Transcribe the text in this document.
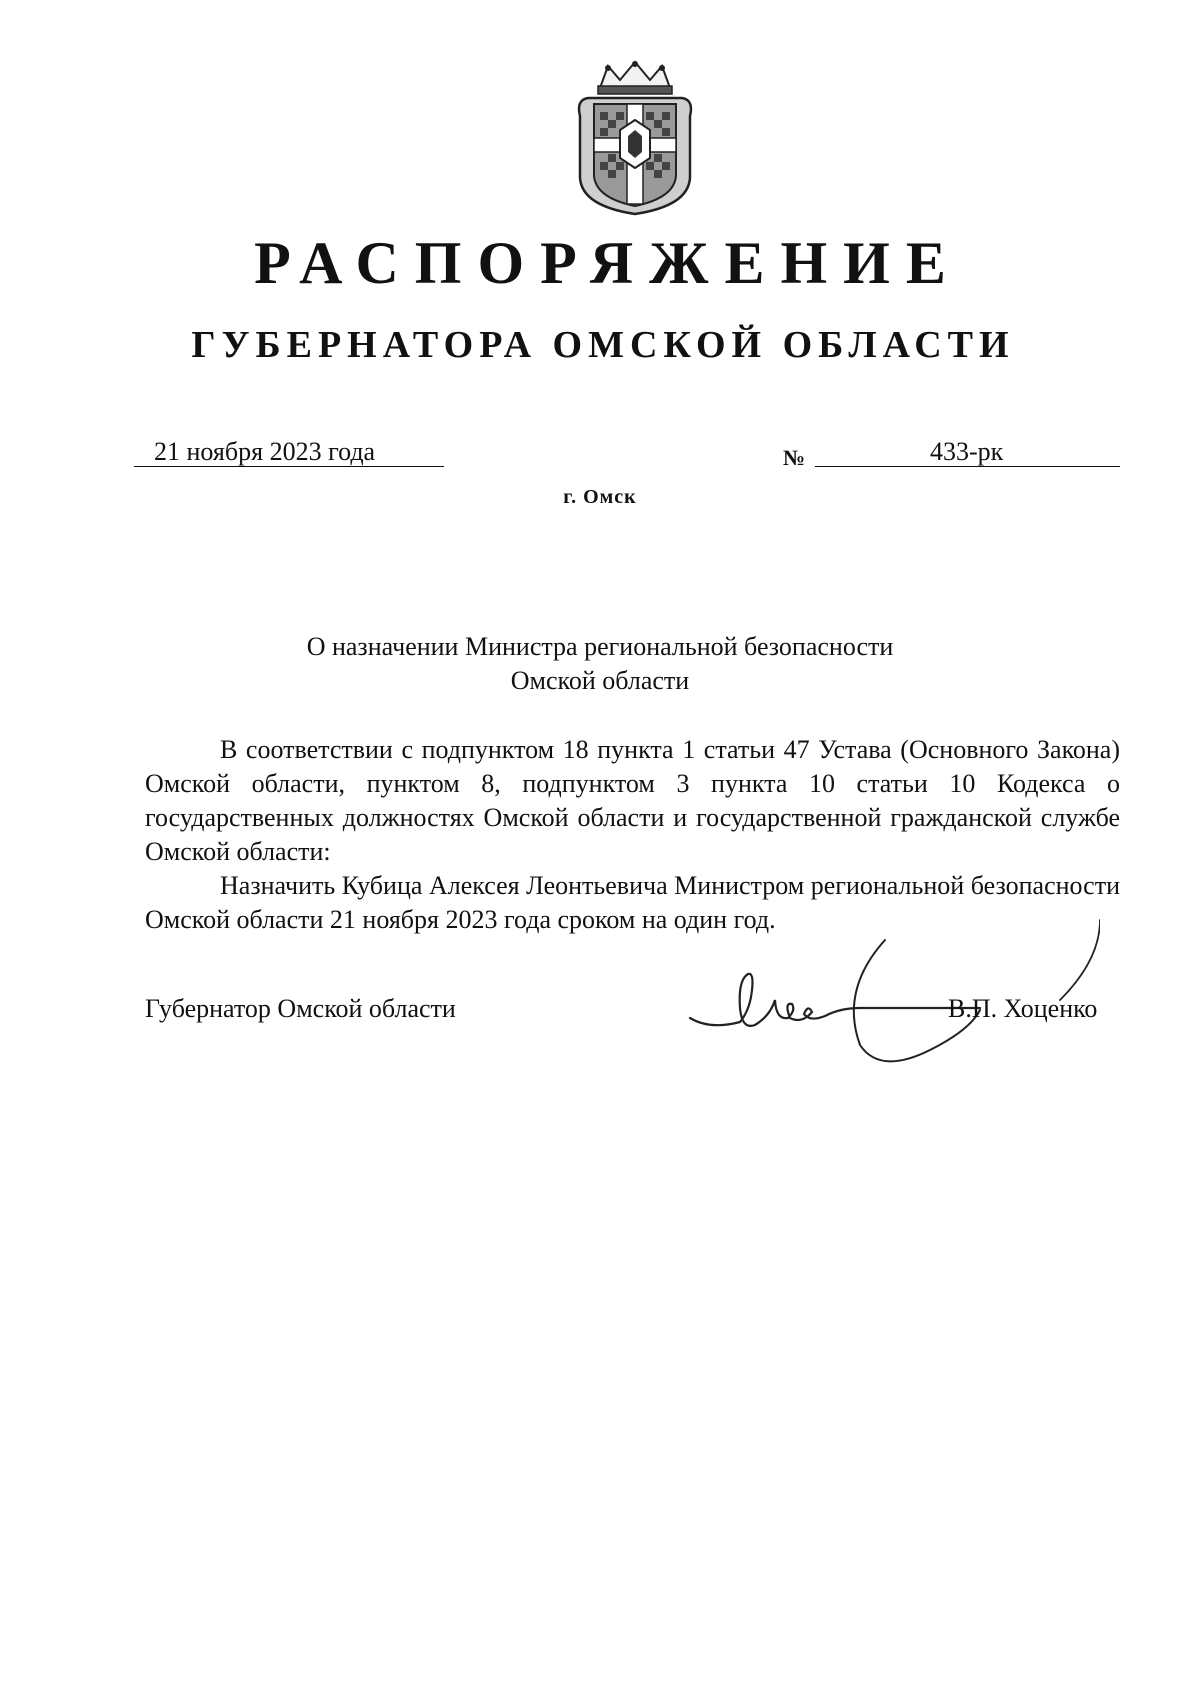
РАСПОРЯЖЕНИЕ
ГУБЕРНАТОРА ОМСКОЙ ОБЛАСТИ
21 ноября 2023 года	№	433-рк
г. Омск
О назначении Министра региональной безопасности
Омской области

В соответствии с подпунктом 18 пункта 1 статьи 47 Устава (Основного Закона) Омской области, пунктом 8, подпунктом 3 пункта 10 статьи 10 Кодекса о государственных должностях Омской области и государственной гражданской службе Омской области:

Назначить Кубица Алексея Леонтьевича Министром региональной безопасности Омской области 21 ноября 2023 года сроком на один год.

Губернатор Омской области	В.П. Хоценко
